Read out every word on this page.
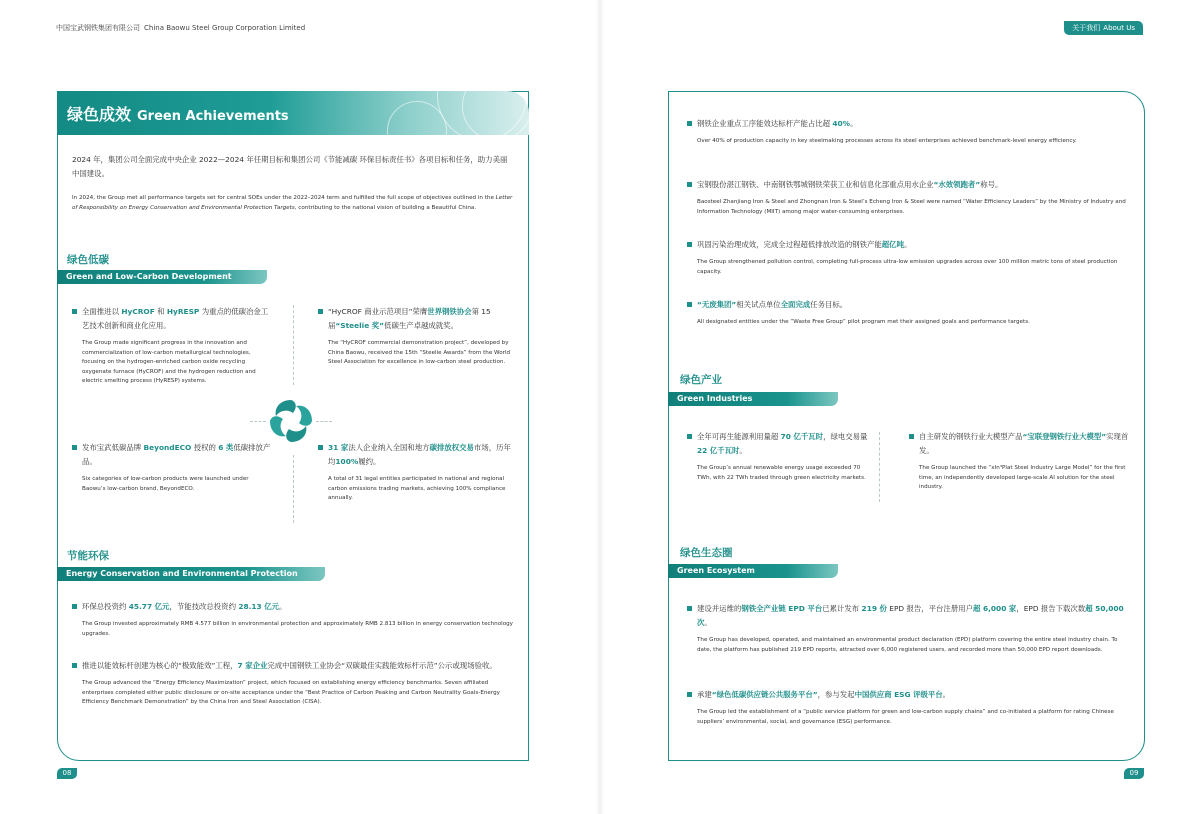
中国宝武钢铁集团有限公司 China Baowu Steel Group Corporation Limited	关于我们 About Us
绿色成效 Green Achievements
2024 年，集团公司全面完成中央企业 2022—2024 年任期目标和集团公司《节能减碳 环保目标责任书》各项目标和任务，助力美丽中国建设。
In 2024, the Group met all performance targets set for central SOEs under the 2022–2024 term and fulfilled the full scope of objectives outlined in the Letter of Responsibility on Energy Conservation and Environmental Protection Targets, contributing to the national vision of building a Beautiful China.
绿色低碳
Green and Low-Carbon Development
全面推进以 HyCROF 和 HyRESP 为重点的低碳冶金工艺技术创新和商业化应用。
The Group made significant progress in the innovation and commercialization of low-carbon metallurgical technologies, focusing on the hydrogen-enriched carbon oxide recycling oxygenate furnace (HyCROF) and the hydrogen reduction and electric smelting process (HyRESP) systems.
“HyCROF 商业示范项目”荣膺世界钢铁协会第 15 届“Steelie 奖”低碳生产卓越成就奖。
The “HyCROF commercial demonstration project”, developed by China Baowu, received the 15th “Steelie Awards” from the World Steel Association for excellence in low-carbon steel production.
发布宝武低碳品牌 BeyondECO 授权的 6 类低碳排放产品。
Six categories of low-carbon products were launched under Baowu’s low-carbon brand, BeyondECO.
31 家法人企业纳入全国和地方碳排放权交易市场，历年均100%履约。
A total of 31 legal entities participated in national and regional carbon emissions trading markets, achieving 100% compliance annually.
节能环保
Energy Conservation and Environmental Protection
环保总投资约 45.77 亿元，节能技改总投资约 28.13 亿元。
The Group invested approximately RMB 4.577 billion in environmental protection and approximately RMB 2.813 billion in energy conservation technology upgrades.
推进以能效标杆创建为核心的“极致能效”工程，7 家企业完成中国钢铁工业协会“双碳最佳实践能效标杆示范”公示或现场验收。
The Group advanced the “Energy Efficiency Maximization” project, which focused on establishing energy efficiency benchmarks. Seven affiliated enterprises completed either public disclosure or on-site acceptance under the “Best Practice of Carbon Peaking and Carbon Neutrality Goals-Energy Efficiency Benchmark Demonstration” by the China Iron and Steel Association (CISA).
08
钢铁企业重点工序能效达标杆产能占比超 40%。
Over 40% of production capacity in key steelmaking processes across its steel enterprises achieved benchmark-level energy efficiency.
宝钢股份湛江钢铁、中南钢铁鄂城钢铁荣获工业和信息化部重点用水企业“水效领跑者”称号。
Baosteel Zhanjiang Iron & Steel and Zhongnan Iron & Steel’s Echeng Iron & Steel were named “Water Efficiency Leaders” by the Ministry of Industry and Information Technology (MIIT) among major water-consuming enterprises.
巩固污染治理成效，完成全过程超低排放改造的钢铁产能超亿吨。
The Group strengthened pollution control, completing full-process ultra-low emission upgrades across over 100 million metric tons of steel production capacity.
“无废集团”相关试点单位全面完成任务目标。
All designated entities under the “Waste Free Group” pilot program met their assigned goals and performance targets.
绿色产业
Green Industries
全年可再生能源利用量超 70 亿千瓦时，绿电交易量 22 亿千瓦时。
The Group’s annual renewable energy usage exceeded 70 TWh, with 22 TWh traded through green electricity markets.
自主研发的钢铁行业大模型产品“宝联登钢铁行业大模型”实现首发。
The Group launched the “xIn³Plat Steel Industry Large Model” for the first time, an independently developed large-scale AI solution for the steel industry.
绿色生态圈
Green Ecosystem
建设并运维的钢铁全产业链 EPD 平台已累计发布 219 份 EPD 报告，平台注册用户超 6,000 家，EPD 报告下载次数超 50,000 次。
The Group has developed, operated, and maintained an environmental product declaration (EPD) platform covering the entire steel industry chain. To date, the platform has published 219 EPD reports, attracted over 6,000 registered users, and recorded more than 50,000 EPD report downloads.
承建“绿色低碳供应链公共服务平台”，参与发起中国供应商 ESG 评级平台。
The Group led the establishment of a “public service platform for green and low-carbon supply chains” and co-initiated a platform for rating Chinese suppliers’ environmental, social, and governance (ESG) performance.
09
